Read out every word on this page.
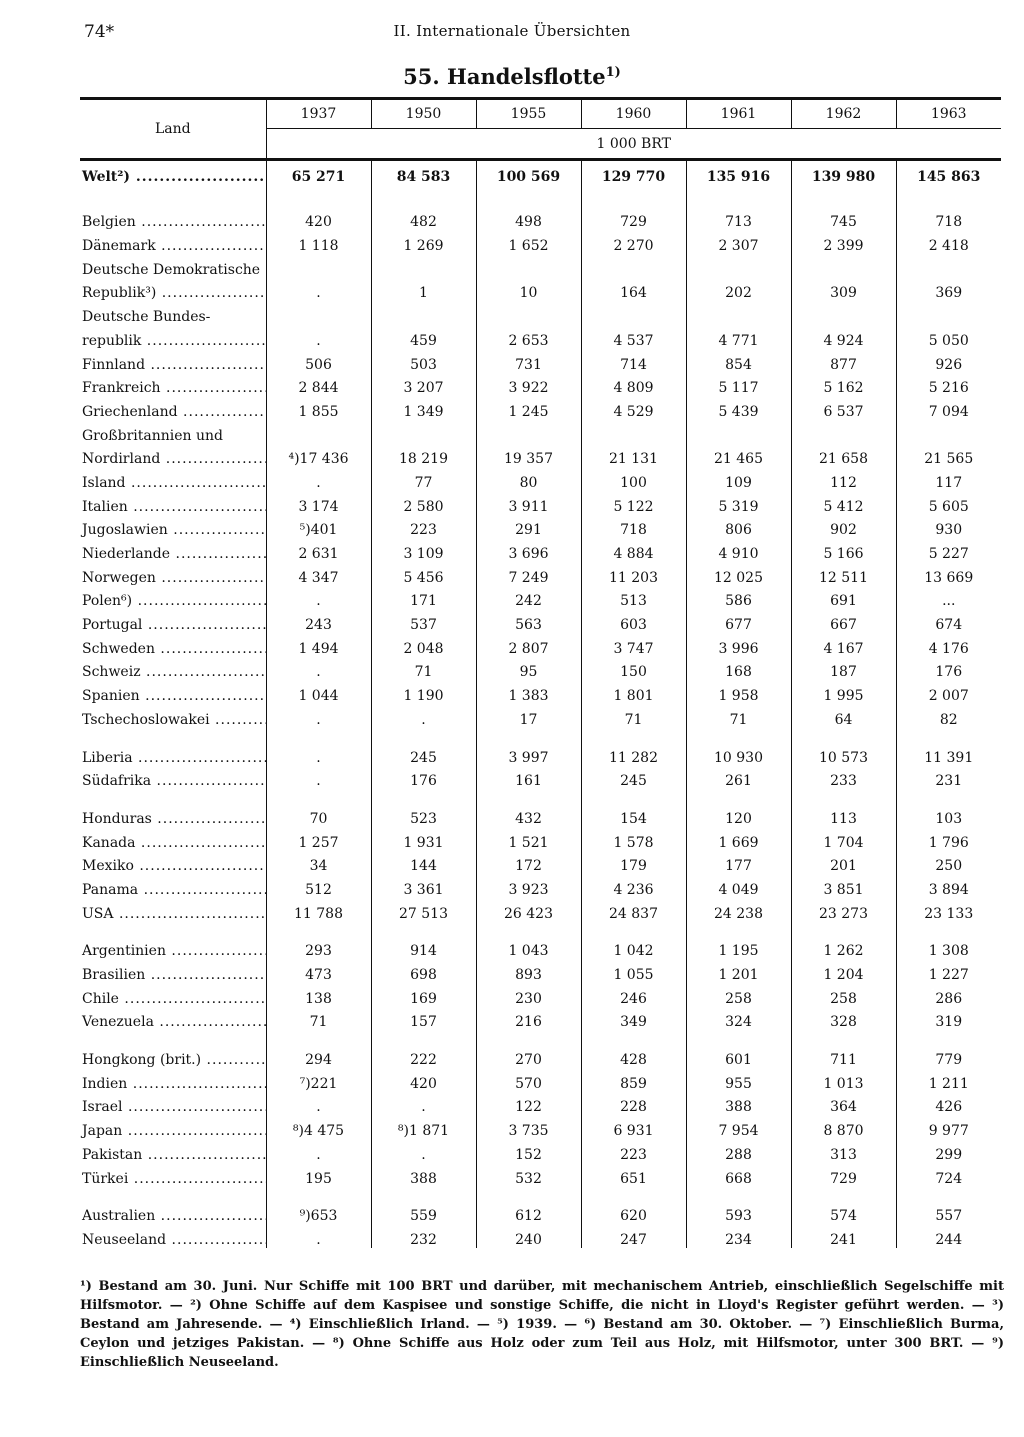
74*	II. Internationale Übersichten
55. Handelsflotte$^{1)}$
Land	1937	1950	1955	1960	1961	1962	1963
	1 000 BRT						
Welt²) .....	65 271	84 583	100 569	129 770	135 916	139 980	145 863

Belgien .....	420	482	498	729	713	745	718
Dänemark .....	1 118	1 269	1 652	2 270	2 307	2 399	2 418
Deutsche Demokratische							
Republik³) .....	.	1	10	164	202	309	369
Deutsche Bundes-							
republik .....	.	459	2 653	4 537	4 771	4 924	5 050
Finnland .....	506	503	731	714	854	877	926
Frankreich .....	2 844	3 207	3 922	4 809	5 117	5 162	5 216
Griechenland .....	1 855	1 349	1 245	4 529	5 439	6 537	7 094
Großbritannien und							
Nordirland .....	⁴)17 436	18 219	19 357	21 131	21 465	21 658	21 565
Island .....	.	77	80	100	109	112	117
Italien .....	3 174	2 580	3 911	5 122	5 319	5 412	5 605
Jugoslawien .....	⁵)401	223	291	718	806	902	930
Niederlande .....	2 631	3 109	3 696	4 884	4 910	5 166	5 227
Norwegen .....	4 347	5 456	7 249	11 203	12 025	12 511	13 669
Polen⁶) .....	.	171	242	513	586	691	...
Portugal .....	243	537	563	603	677	667	674
Schweden .....	1 494	2 048	2 807	3 747	3 996	4 167	4 176
Schweiz .....	.	71	95	150	168	187	176
Spanien .....	1 044	1 190	1 383	1 801	1 958	1 995	2 007
Tschechoslowakei .....	.	.	17	71	71	64	82

Liberia .....	.	245	3 997	11 282	10 930	10 573	11 391
Südafrika .....	.	176	161	245	261	233	231

Honduras .....	70	523	432	154	120	113	103
Kanada .....	1 257	1 931	1 521	1 578	1 669	1 704	1 796
Mexiko .....	34	144	172	179	177	201	250
Panama .....	512	3 361	3 923	4 236	4 049	3 851	3 894
USA .....	11 788	27 513	26 423	24 837	24 238	23 273	23 133

Argentinien .....	293	914	1 043	1 042	1 195	1 262	1 308
Brasilien .....	473	698	893	1 055	1 201	1 204	1 227
Chile .....	138	169	230	246	258	258	286
Venezuela .....	71	157	216	349	324	328	319

Hongkong (brit.) .....	294	222	270	428	601	711	779
Indien .....	⁷)221	420	570	859	955	1 013	1 211
Israel .....	.	.	122	228	388	364	426
Japan .....	⁸)4 475	⁸)1 871	3 735	6 931	7 954	8 870	9 977
Pakistan .....	.	.	152	223	288	313	299
Türkei .....	195	388	532	651	668	729	724

Australien .....	⁹)653	559	612	620	593	574	557
Neuseeland .....	.	232	240	247	234	241	244

¹) Bestand am 30. Juni. Nur Schiffe mit 100 BRT und darüber, mit mechanischem Antrieb, einschließlich Segelschiffe mit Hilfsmotor. — ²) Ohne Schiffe auf dem Kaspisee und sonstige Schiffe, die nicht in Lloyd's Register geführt werden. — ³) Bestand am Jahresende. — ⁴) Einschließlich Irland. — ⁵) 1939. — ⁶) Bestand am 30. Oktober. — ⁷) Einschließlich Burma, Ceylon und jetziges Pakistan. — ⁸) Ohne Schiffe aus Holz oder zum Teil aus Holz, mit Hilfsmotor, unter 300 BRT. — ⁹) Einschließlich Neuseeland.
